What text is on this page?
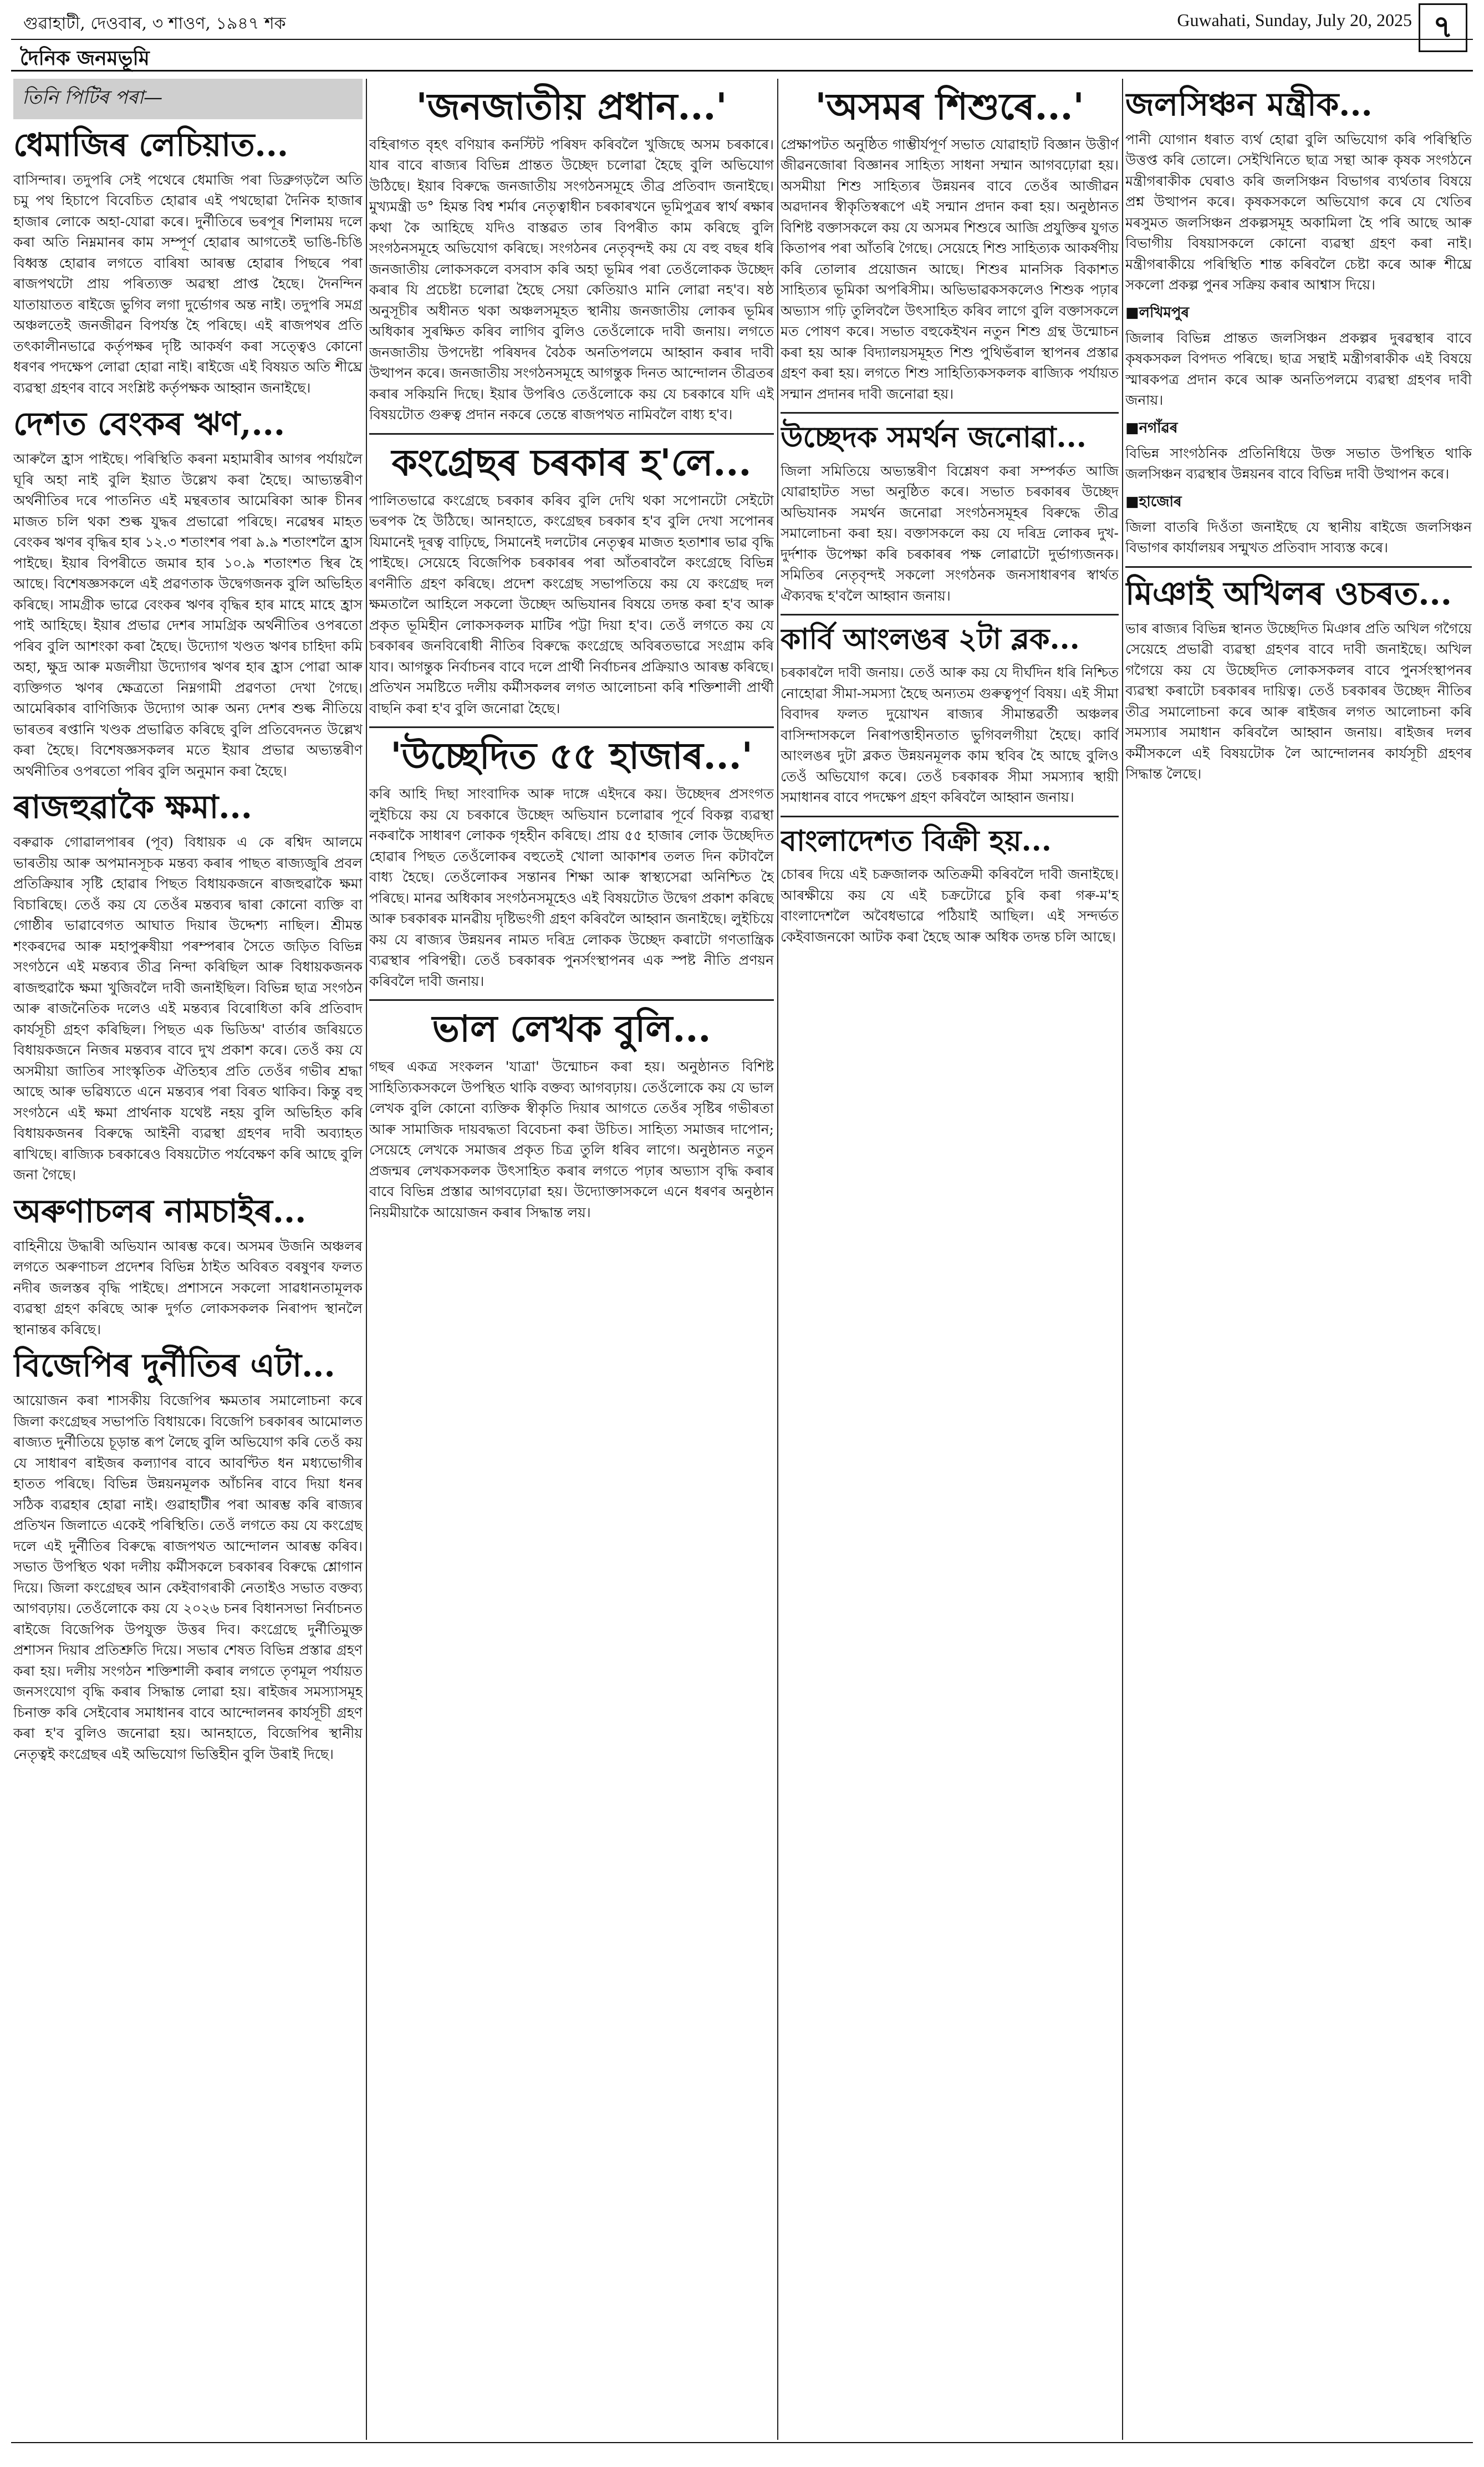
গুৱাহাটী, দেওবাৰ, ৩ শাওণ, ১৯৪৭ শক	Guwahati, Sunday, July 20, 2025 ৭
দৈনিক জনমভূমি
তিনি পিটিৰ পৰা—
ধেমাজিৰ লেচিয়াত...
বাসিন্দাৰ। তদুপৰি সেই পথেৰে ধেমাজি পৰা ডিব্ৰুগড়লৈ অতি চমু পথ হিচাপে বিবেচিত হোৱাৰ এই পথছোৱা দৈনিক হাজাৰ হাজাৰ লোকে অহা-যোৱা কৰে। দুৰ্নীতিৰে ভৰপূৰ শিলাময় দলে কৰা অতি নিম্নমানৰ কাম সম্পূৰ্ণ হোৱাৰ আগতেই ভাঙি-চিঙি বিধ্বস্ত হোৱাৰ লগতে বাৰিষা আৰম্ভ হোৱাৰ পিছৰে পৰা ৰাজপথটো প্ৰায় পৰিত্যক্ত অৱস্থা প্ৰাপ্ত হৈছে। দৈনন্দিন যাতায়াতত ৰাইজে ভুগিব লগা দুৰ্ভোগৰ অন্ত নাই। তদুপৰি সমগ্ৰ অঞ্চলতেই জনজীৱন বিপৰ্যস্ত হৈ পৰিছে। এই ৰাজপথৰ প্ৰতি তৎকালীনভাৱে কৰ্তৃপক্ষৰ দৃষ্টি আকৰ্ষণ কৰা সত্ত্বেও কোনো ধৰণৰ পদক্ষেপ লোৱা হোৱা নাই। ৰাইজে এই বিষয়ত অতি শীঘ্ৰে ব্যৱস্থা গ্ৰহণৰ বাবে সংশ্লিষ্ট কৰ্তৃপক্ষক আহ্বান জনাইছে।
দেশত বেংকৰ ঋণ,...
আৰুলৈ হ্ৰাস পাইছে। পৰিস্থিতি কৰনা মহামাৰীৰ আগৰ পৰ্যায়লৈ ঘূৰি অহা নাই বুলি ইয়াত উল্লেখ কৰা হৈছে। আভ্যন্তৰীণ অৰ্থনীতিৰ দৰে পাতনিত এই মন্থৰতাৰ আমেৰিকা আৰু চীনৰ মাজত চলি থকা শুল্ক যুদ্ধৰ প্ৰভাৱো পৰিছে। নৱেম্বৰ মাহত বেংকৰ ঋণৰ বৃদ্ধিৰ হাৰ ১২.৩ শতাংশৰ পৰা ৯.৯ শতাংশলৈ হ্ৰাস পাইছে। ইয়াৰ বিপৰীতে জমাৰ হাৰ ১০.৯ শতাংশত স্থিৰ হৈ আছে। বিশেষজ্ঞসকলে এই প্ৰৱণতাক উদ্বেগজনক বুলি অভিহিত কৰিছে। সামগ্ৰীক ভাৱে বেংকৰ ঋণৰ বৃদ্ধিৰ হাৰ মাহে মাহে হ্ৰাস পাই আহিছে। ইয়াৰ প্ৰভাৱ দেশৰ সামগ্ৰিক অৰ্থনীতিৰ ওপৰতো পৰিব বুলি আশংকা কৰা হৈছে। উদ্যোগ খণ্ডত ঋণৰ চাহিদা কমি অহা, ক্ষুদ্ৰ আৰু মজলীয়া উদ্যোগৰ ঋণৰ হাৰ হ্ৰাস পোৱা আৰু ব্যক্তিগত ঋণৰ ক্ষেত্ৰতো নিম্নগামী প্ৰৱণতা দেখা গৈছে। আমেৰিকাৰ বাণিজ্যিক উদ্যোগ আৰু অন্য দেশৰ শুল্ক নীতিয়ে ভাৰতৰ ৰপ্তানি খণ্ডক প্ৰভাৱিত কৰিছে বুলি প্ৰতিবেদনত উল্লেখ কৰা হৈছে। বিশেষজ্ঞসকলৰ মতে ইয়াৰ প্ৰভাৱ অভ্যন্তৰীণ অৰ্থনীতিৰ ওপৰতো পৰিব বুলি অনুমান কৰা হৈছে।
ৰাজহুৱাকৈ ক্ষমা...
বৰুৱাক গোৱালপাৰৰ (পূব) বিধায়ক এ কে ৰশ্বিদ আলমে ভাৰতীয় আৰু অপমানসূচক মন্তব্য কৰাৰ পাছত ৰাজ্যজুৰি প্ৰবল প্ৰতিক্ৰিয়াৰ সৃষ্টি হোৱাৰ পিছত বিধায়কজনে ৰাজহুৱাকৈ ক্ষমা বিচাৰিছে। তেওঁ কয় যে তেওঁৰ মন্তব্যৰ দ্বাৰা কোনো ব্যক্তি বা গোষ্ঠীৰ ভাৱাবেগত আঘাত দিয়াৰ উদ্দেশ্য নাছিল। শ্ৰীমন্ত শংকৰদেৱ আৰু মহাপুৰুষীয়া পৰম্পৰাৰ সৈতে জড়িত বিভিন্ন সংগঠনে এই মন্তব্যৰ তীব্ৰ নিন্দা কৰিছিল আৰু বিধায়কজনক ৰাজহুৱাকৈ ক্ষমা খুজিবলৈ দাবী জনাইছিল। বিভিন্ন ছাত্ৰ সংগঠন আৰু ৰাজনৈতিক দলেও এই মন্তব্যৰ বিৰোধিতা কৰি প্ৰতিবাদ কাৰ্যসূচী গ্ৰহণ কৰিছিল। পিছত এক ভিডিঅ' বাৰ্তাৰ জৰিয়তে বিধায়কজনে নিজৰ মন্তব্যৰ বাবে দুখ প্ৰকাশ কৰে। তেওঁ কয় যে অসমীয়া জাতিৰ সাংস্কৃতিক ঐতিহ্যৰ প্ৰতি তেওঁৰ গভীৰ শ্ৰদ্ধা আছে আৰু ভৱিষ্যতে এনে মন্তব্যৰ পৰা বিৰত থাকিব। কিন্তু বহু সংগঠনে এই ক্ষমা প্ৰাৰ্থনাক যথেষ্ট নহয় বুলি অভিহিত কৰি বিধায়কজনৰ বিৰুদ্ধে আইনী ব্যৱস্থা গ্ৰহণৰ দাবী অব্যাহত ৰাখিছে। ৰাজ্যিক চৰকাৰেও বিষয়টোত পৰ্যবেক্ষণ কৰি আছে বুলি জনা গৈছে।
অৰুণাচলৰ নামচাইৰ...
বাহিনীয়ে উদ্ধাৰী অভিযান আৰম্ভ কৰে। অসমৰ উজনি অঞ্চলৰ লগতে অৰুণাচল প্ৰদেশৰ বিভিন্ন ঠাইত অবিৰত বৰষুণৰ ফলত নদীৰ জলস্তৰ বৃদ্ধি পাইছে। প্ৰশাসনে সকলো সাৱধানতামূলক ব্যৱস্থা গ্ৰহণ কৰিছে আৰু দুৰ্গত লোকসকলক নিৰাপদ স্থানলৈ স্থানান্তৰ কৰিছে।
বিজেপিৰ দুৰ্নীতিৰ এটা...
আয়োজন কৰা শাসকীয় বিজেপিৰ ক্ষমতাৰ সমালোচনা কৰে জিলা কংগ্ৰেছৰ সভাপতি বিধায়কে। বিজেপি চৰকাৰৰ আমোলত ৰাজ্যত দুৰ্নীতিয়ে চূড়ান্ত ৰূপ লৈছে বুলি অভিযোগ কৰি তেওঁ কয় যে সাধাৰণ ৰাইজৰ কল্যাণৰ বাবে আবণ্টিত ধন মধ্যভোগীৰ হাতত পৰিছে। বিভিন্ন উন্নয়নমূলক আঁচনিৰ বাবে দিয়া ধনৰ সঠিক ব্যৱহাৰ হোৱা নাই। গুৱাহাটীৰ পৰা আৰম্ভ কৰি ৰাজ্যৰ প্ৰতিখন জিলাতে একেই পৰিস্থিতি। তেওঁ লগতে কয় যে কংগ্ৰেছ দলে এই দুৰ্নীতিৰ বিৰুদ্ধে ৰাজপথত আন্দোলন আৰম্ভ কৰিব। সভাত উপস্থিত থকা দলীয় কৰ্মীসকলে চৰকাৰৰ বিৰুদ্ধে শ্লোগান দিয়ে। জিলা কংগ্ৰেছৰ আন কেইবাগৰাকী নেতাইও সভাত বক্তব্য আগবঢ়ায়। তেওঁলোকে কয় যে ২০২৬ চনৰ বিধানসভা নিৰ্বাচনত ৰাইজে বিজেপিক উপযুক্ত উত্তৰ দিব। কংগ্ৰেছে দুৰ্নীতিমুক্ত প্ৰশাসন দিয়াৰ প্ৰতিশ্ৰুতি দিয়ে। সভাৰ শেষত বিভিন্ন প্ৰস্তাৱ গ্ৰহণ কৰা হয়। দলীয় সংগঠন শক্তিশালী কৰাৰ লগতে তৃণমূল পৰ্যায়ত জনসংযোগ বৃদ্ধি কৰাৰ সিদ্ধান্ত লোৱা হয়। ৰাইজৰ সমস্যাসমূহ চিনাক্ত কৰি সেইবোৰ সমাধানৰ বাবে আন্দোলনৰ কাৰ্যসূচী গ্ৰহণ কৰা হ'ব বুলিও জনোৱা হয়। আনহাতে, বিজেপিৰ স্থানীয় নেতৃত্বই কংগ্ৰেছৰ এই অভিযোগ ভিত্তিহীন বুলি উৰাই দিছে।
'জনজাতীয় প্ৰধান...'
বহিৰাগত বৃহৎ বণিয়াৰ কনস্টিট পৰিষদ কৰিবলৈ খুজিছে অসম চৰকাৰে। যাৰ বাবে ৰাজ্যৰ বিভিন্ন প্ৰান্তত উচ্ছেদ চলোৱা হৈছে বুলি অভিযোগ উঠিছে। ইয়াৰ বিৰুদ্ধে জনজাতীয় সংগঠনসমূহে তীব্ৰ প্ৰতিবাদ জনাইছে। মুখ্যমন্ত্ৰী ড° হিমন্ত বিশ্ব শৰ্মাৰ নেতৃত্বাধীন চৰকাৰখনে ভূমিপুত্ৰৰ স্বাৰ্থ ৰক্ষাৰ কথা কৈ আহিছে যদিও বাস্তৱত তাৰ বিপৰীত কাম কৰিছে বুলি সংগঠনসমূহে অভিযোগ কৰিছে। সংগঠনৰ নেতৃবৃন্দই কয় যে বহু বছৰ ধৰি জনজাতীয় লোকসকলে বসবাস কৰি অহা ভূমিৰ পৰা তেওঁলোকক উচ্ছেদ কৰাৰ যি প্ৰচেষ্টা চলোৱা হৈছে সেয়া কেতিয়াও মানি লোৱা নহ'ব। ষষ্ঠ অনুসূচীৰ অধীনত থকা অঞ্চলসমূহত স্থানীয় জনজাতীয় লোকৰ ভূমিৰ অধিকাৰ সুৰক্ষিত কৰিব লাগিব বুলিও তেওঁলোকে দাবী জনায়। লগতে জনজাতীয় উপদেষ্টা পৰিষদৰ বৈঠক অনতিপলমে আহ্বান কৰাৰ দাবী উত্থাপন কৰে। জনজাতীয় সংগঠনসমূহে আগন্তুক দিনত আন্দোলন তীব্ৰতৰ কৰাৰ সকিয়নি দিছে। ইয়াৰ উপৰিও তেওঁলোকে কয় যে চৰকাৰে যদি এই বিষয়টোত গুৰুত্ব প্ৰদান নকৰে তেন্তে ৰাজপথত নামিবলৈ বাধ্য হ'ব।
কংগ্ৰেছৰ চৰকাৰ হ'লে...
পালিতভাৱে কংগ্ৰেছে চৰকাৰ কৰিব বুলি দেখি থকা সপোনটো সেইটো ভৰপক হৈ উঠিছে। আনহাতে, কংগ্ৰেছৰ চৰকাৰ হ'ব বুলি দেখা সপোনৰ যিমানেই দূৰত্ব বাঢ়িছে, সিমানেই দলটোৰ নেতৃত্বৰ মাজত হতাশাৰ ভাৱ বৃদ্ধি পাইছে। সেয়েহে বিজেপিক চৰকাৰৰ পৰা আঁতৰাবলৈ কংগ্ৰেছে বিভিন্ন ৰণনীতি গ্ৰহণ কৰিছে। প্ৰদেশ কংগ্ৰেছ সভাপতিয়ে কয় যে কংগ্ৰেছ দল ক্ষমতালৈ আহিলে সকলো উচ্ছেদ অভিযানৰ বিষয়ে তদন্ত কৰা হ'ব আৰু প্ৰকৃত ভূমিহীন লোকসকলক মাটিৰ পট্টা দিয়া হ'ব। তেওঁ লগতে কয় যে চৰকাৰৰ জনবিৰোধী নীতিৰ বিৰুদ্ধে কংগ্ৰেছে অবিৰতভাৱে সংগ্ৰাম কৰি যাব। আগন্তুক নিৰ্বাচনৰ বাবে দলে প্ৰাৰ্থী নিৰ্বাচনৰ প্ৰক্ৰিয়াও আৰম্ভ কৰিছে। প্ৰতিখন সমষ্টিতে দলীয় কৰ্মীসকলৰ লগত আলোচনা কৰি শক্তিশালী প্ৰাৰ্থী বাছনি কৰা হ'ব বুলি জনোৱা হৈছে।
'উচ্ছেদিত ৫৫ হাজাৰ...'
কৰি আহি দিছা সাংবাদিক আৰু দাঙ্গে এইদৰে কয়। উচ্ছেদৰ প্ৰসংগত লুইচিয়ে কয় যে চৰকাৰে উচ্ছেদ অভিযান চলোৱাৰ পূৰ্বে বিকল্প ব্যৱস্থা নকৰাকৈ সাধাৰণ লোকক গৃহহীন কৰিছে। প্ৰায় ৫৫ হাজাৰ লোক উচ্ছেদিত হোৱাৰ পিছত তেওঁলোকৰ বহুতেই খোলা আকাশৰ তলত দিন কটাবলৈ বাধ্য হৈছে। তেওঁলোকৰ সন্তানৰ শিক্ষা আৰু স্বাস্থ্যসেৱা অনিশ্চিত হৈ পৰিছে। মানৱ অধিকাৰ সংগঠনসমূহেও এই বিষয়টোত উদ্বেগ প্ৰকাশ কৰিছে আৰু চৰকাৰক মানৱীয় দৃষ্টিভংগী গ্ৰহণ কৰিবলৈ আহ্বান জনাইছে। লুইচিয়ে কয় যে ৰাজ্যৰ উন্নয়নৰ নামত দৰিদ্ৰ লোকক উচ্ছেদ কৰাটো গণতান্ত্ৰিক ব্যৱস্থাৰ পৰিপন্থী। তেওঁ চৰকাৰক পুনৰ্সংস্থাপনৰ এক স্পষ্ট নীতি প্ৰণয়ন কৰিবলৈ দাবী জনায়।
ভাল লেখক বুলি...
গছৰ একত্ৰ সংকলন 'যাত্ৰা' উন্মোচন কৰা হয়। অনুষ্ঠানত বিশিষ্ট সাহিত্যিকসকলে উপস্থিত থাকি বক্তব্য আগবঢ়ায়। তেওঁলোকে কয় যে ভাল লেখক বুলি কোনো ব্যক্তিক স্বীকৃতি দিয়াৰ আগতে তেওঁৰ সৃষ্টিৰ গভীৰতা আৰু সামাজিক দায়বদ্ধতা বিবেচনা কৰা উচিত। সাহিত্য সমাজৰ দাপোন; সেয়েহে লেখকে সমাজৰ প্ৰকৃত চিত্ৰ তুলি ধৰিব লাগে। অনুষ্ঠানত নতুন প্ৰজন্মৰ লেখকসকলক উৎসাহিত কৰাৰ লগতে পঢ়াৰ অভ্যাস বৃদ্ধি কৰাৰ বাবে বিভিন্ন প্ৰস্তাৱ আগবঢ়োৱা হয়। উদ্যোক্তাসকলে এনে ধৰণৰ অনুষ্ঠান নিয়মীয়াকৈ আয়োজন কৰাৰ সিদ্ধান্ত লয়।
'অসমৰ শিশুৰে...'
প্ৰেক্ষাপটত অনুষ্ঠিত গাম্ভীৰ্যপূৰ্ণ সভাত যোৱাহাট বিজ্ঞান উত্তীৰ্ণ জীৱনজোৰা বিজ্ঞানৰ সাহিত্য সাধনা সম্মান আগবঢ়োৱা হয়। অসমীয়া শিশু সাহিত্যৰ উন্নয়নৰ বাবে তেওঁৰ আজীৱন অৱদানৰ স্বীকৃতিস্বৰূপে এই সন্মান প্ৰদান কৰা হয়। অনুষ্ঠানত বিশিষ্ট বক্তাসকলে কয় যে অসমৰ শিশুৰে আজি প্ৰযুক্তিৰ যুগত কিতাপৰ পৰা আঁতৰি গৈছে। সেয়েহে শিশু সাহিত্যক আকৰ্ষণীয় কৰি তোলাৰ প্ৰয়োজন আছে। শিশুৰ মানসিক বিকাশত সাহিত্যৰ ভূমিকা অপৰিসীম। অভিভাৱকসকলেও শিশুক পঢ়াৰ অভ্যাস গঢ়ি তুলিবলৈ উৎসাহিত কৰিব লাগে বুলি বক্তাসকলে মত পোষণ কৰে। সভাত বহুকেইখন নতুন শিশু গ্ৰন্থ উন্মোচন কৰা হয় আৰু বিদ্যালয়সমূহত শিশু পুথিভঁৰাল স্থাপনৰ প্ৰস্তাৱ গ্ৰহণ কৰা হয়। লগতে শিশু সাহিত্যিকসকলক ৰাজ্যিক পৰ্যায়ত সন্মান প্ৰদানৰ দাবী জনোৱা হয়।
উচ্ছেদক সমৰ্থন জনোৱা...
জিলা সমিতিয়ে অভ্যন্তৰীণ বিশ্লেষণ কৰা সম্পৰ্কত আজি যোৱাহাটত সভা অনুষ্ঠিত কৰে। সভাত চৰকাৰৰ উচ্ছেদ অভিযানক সমৰ্থন জনোৱা সংগঠনসমূহৰ বিৰুদ্ধে তীব্ৰ সমালোচনা কৰা হয়। বক্তাসকলে কয় যে দৰিদ্ৰ লোকৰ দুখ-দুৰ্দশাক উপেক্ষা কৰি চৰকাৰৰ পক্ষ লোৱাটো দুৰ্ভাগ্যজনক। সমিতিৰ নেতৃবৃন্দই সকলো সংগঠনক জনসাধাৰণৰ স্বাৰ্থত ঐক্যবদ্ধ হ'বলৈ আহ্বান জনায়।
কাৰ্বি আংলঙৰ ২টা ব্লক...
চৰকাৰলৈ দাবী জনায়। তেওঁ আৰু কয় যে দীৰ্ঘদিন ধৰি নিশ্চিত নোহোৱা সীমা-সমস্যা হৈছে অন্যতম গুৰুত্বপূৰ্ণ বিষয়। এই সীমা বিবাদৰ ফলত দুয়োখন ৰাজ্যৰ সীমান্তৱৰ্তী অঞ্চলৰ বাসিন্দাসকলে নিৰাপত্তাহীনতাত ভুগিবলগীয়া হৈছে। কাৰ্বি আংলঙৰ দুটা ব্লকত উন্নয়নমূলক কাম স্থবিৰ হৈ আছে বুলিও তেওঁ অভিযোগ কৰে। তেওঁ চৰকাৰক সীমা সমস্যাৰ স্থায়ী সমাধানৰ বাবে পদক্ষেপ গ্ৰহণ কৰিবলৈ আহ্বান জনায়।
বাংলাদেশত বিক্ৰী হয়...
চোৰৰ দিয়ে এই চক্ৰজালক অতিক্ৰমী কৰিবলৈ দাবী জনাইছে। আৰক্ষীয়ে কয় যে এই চক্ৰটোৱে চুৰি কৰা গৰু-ম'হ বাংলাদেশলৈ অবৈধভাৱে পঠিয়াই আছিল। এই সন্দৰ্ভত কেইবাজনকো আটক কৰা হৈছে আৰু অধিক তদন্ত চলি আছে।
জলসিঞ্চন মন্ত্ৰীক...
পানী যোগান ধৰাত ব্যৰ্থ হোৱা বুলি অভিযোগ কৰি পৰিস্থিতি উত্তপ্ত কৰি তোলে। সেইখিনিতে ছাত্ৰ সন্থা আৰু কৃষক সংগঠনে মন্ত্ৰীগৰাকীক ঘেৰাও কৰি জলসিঞ্চন বিভাগৰ ব্যৰ্থতাৰ বিষয়ে প্ৰশ্ন উত্থাপন কৰে। কৃষকসকলে অভিযোগ কৰে যে খেতিৰ মৰসুমত জলসিঞ্চন প্ৰকল্পসমূহ অকামিলা হৈ পৰি আছে আৰু বিভাগীয় বিষয়াসকলে কোনো ব্যৱস্থা গ্ৰহণ কৰা নাই। মন্ত্ৰীগৰাকীয়ে পৰিস্থিতি শান্ত কৰিবলৈ চেষ্টা কৰে আৰু শীঘ্ৰে সকলো প্ৰকল্প পুনৰ সক্ৰিয় কৰাৰ আশ্বাস দিয়ে।
■লখিমপুৰ
জিলাৰ বিভিন্ন প্ৰান্তত জলসিঞ্চন প্ৰকল্পৰ দুৰৱস্থাৰ বাবে কৃষকসকল বিপদত পৰিছে। ছাত্ৰ সন্থাই মন্ত্ৰীগৰাকীক এই বিষয়ে স্মাৰকপত্ৰ প্ৰদান কৰে আৰু অনতিপলমে ব্যৱস্থা গ্ৰহণৰ দাবী জনায়।
■নগাঁৱৰ
বিভিন্ন সাংগঠনিক প্ৰতিনিধিয়ে উক্ত সভাত উপস্থিত থাকি জলসিঞ্চন ব্যৱস্থাৰ উন্নয়নৰ বাবে বিভিন্ন দাবী উত্থাপন কৰে।
■হাজোৰ
জিলা বাতৰি দিওঁতা জনাইছে যে স্থানীয় ৰাইজে জলসিঞ্চন বিভাগৰ কাৰ্যালয়ৰ সন্মুখত প্ৰতিবাদ সাব্যস্ত কৰে।
মিঞাই অখিলৰ ওচৰত...
ভাৰ ৰাজ্যৰ বিভিন্ন স্থানত উচ্ছেদিত মিঞাৰ প্ৰতি অখিল গগৈয়ে সেয়েহে প্ৰভাৱী ব্যৱস্থা গ্ৰহণৰ বাবে দাবী জনাইছে। অখিল গগৈয়ে কয় যে উচ্ছেদিত লোকসকলৰ বাবে পুনৰ্সংস্থাপনৰ ব্যৱস্থা কৰাটো চৰকাৰৰ দায়িত্ব। তেওঁ চৰকাৰৰ উচ্ছেদ নীতিৰ তীব্ৰ সমালোচনা কৰে আৰু ৰাইজৰ লগত আলোচনা কৰি সমস্যাৰ সমাধান কৰিবলৈ আহ্বান জনায়। ৰাইজৰ দলৰ কৰ্মীসকলে এই বিষয়টোক লৈ আন্দোলনৰ কাৰ্যসূচী গ্ৰহণৰ সিদ্ধান্ত লৈছে।
